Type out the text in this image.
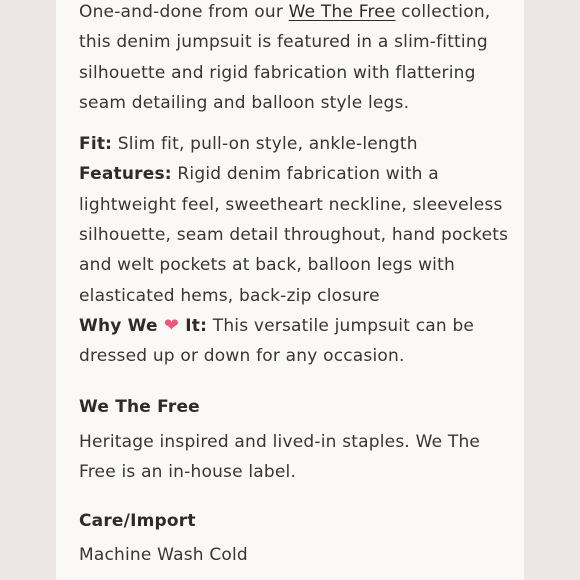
One-and-done from our We The Free collection, this denim jumpsuit is featured in a slim-fitting silhouette and rigid fabrication with flattering seam detailing and balloon style legs.

Fit: Slim fit, pull-on style, ankle-length

Features: Rigid denim fabrication with a lightweight feel, sweetheart neckline, sleeveless silhouette, seam detail throughout, hand pockets and welt pockets at back, balloon legs with elasticated hems, back-zip closure

Why We ❤ It: This versatile jumpsuit can be dressed up or down for any occasion.

We The Free

Heritage inspired and lived-in staples. We The Free is an in-house label.

Care/Import

Machine Wash Cold
